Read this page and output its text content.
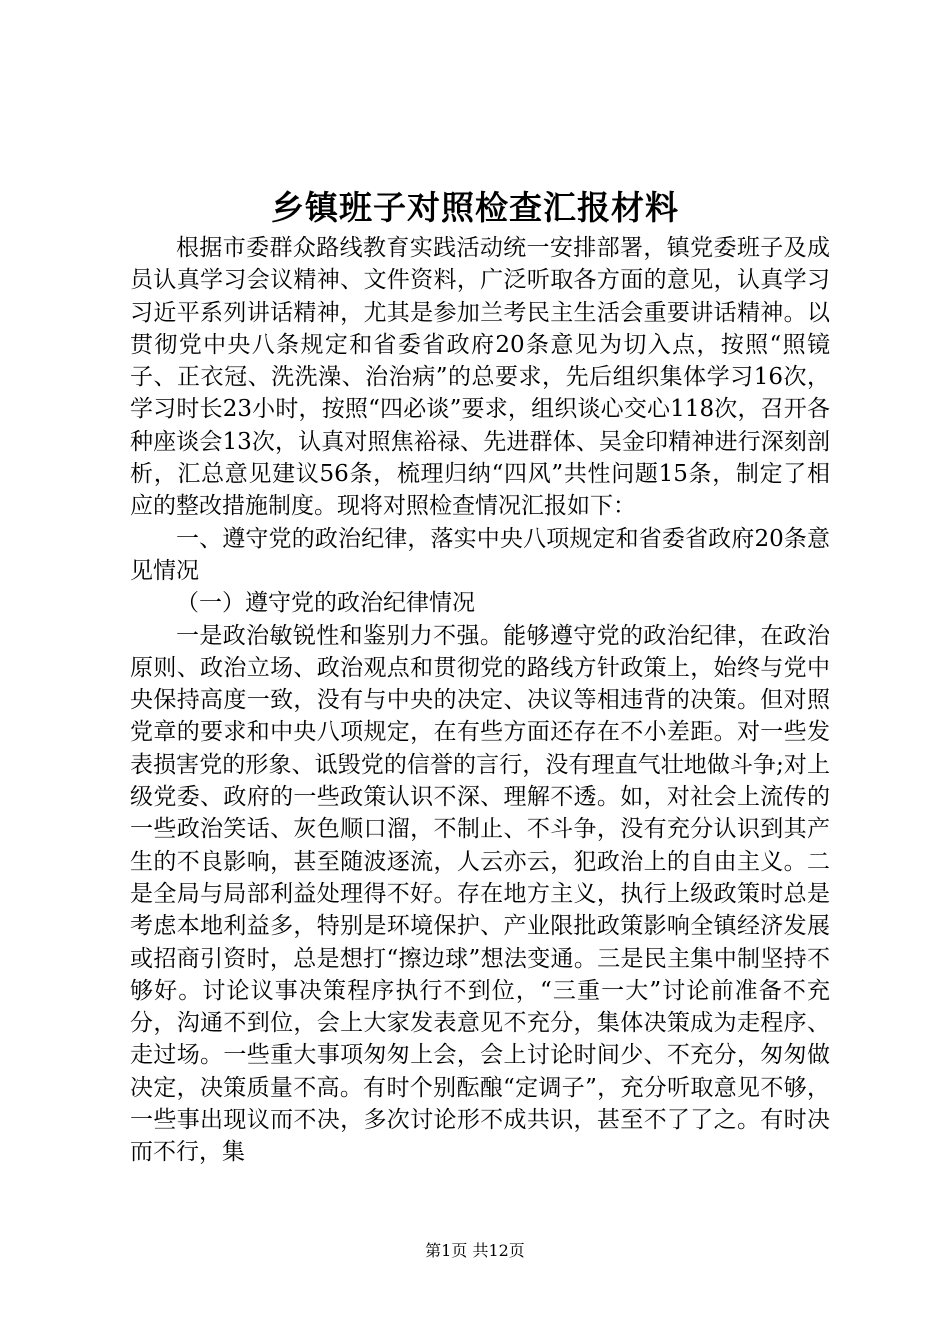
乡镇班子对照检查汇报材料

根据市委群众路线教育实践活动统一安排部署，镇党委班子及成员认真学习会议精神、文件资料，广泛听取各方面的意见，认真学习习近平系列讲话精神，尤其是参加兰考民主生活会重要讲话精神。以贯彻党中央八条规定和省委省政府20条意见为切入点，按照“照镜子、正衣冠、洗洗澡、治治病”的总要求，先后组织集体学习16次，学习时长23小时，按照“四必谈”要求，组织谈心交心118次，召开各种座谈会13次，认真对照焦裕禄、先进群体、吴金印精神进行深刻剖析，汇总意见建议56条，梳理归纳“四风”共性问题15条，制定了相应的整改措施制度。现将对照检查情况汇报如下：

一、遵守党的政治纪律，落实中央八项规定和省委省政府20条意见情况

（一）遵守党的政治纪律情况

一是政治敏锐性和鉴别力不强。能够遵守党的政治纪律，在政治原则、政治立场、政治观点和贯彻党的路线方针政策上，始终与党中央保持高度一致，没有与中央的决定、决议等相违背的决策。但对照党章的要求和中央八项规定，在有些方面还存在不小差距。对一些发表损害党的形象、诋毁党的信誉的言行，没有理直气壮地做斗争;对上级党委、政府的一些政策认识不深、理解不透。如，对社会上流传的一些政治笑话、灰色顺口溜，不制止、不斗争，没有充分认识到其产生的不良影响，甚至随波逐流，人云亦云，犯政治上的自由主义。二是全局与局部利益处理得不好。存在地方主义，执行上级政策时总是考虑本地利益多，特别是环境保护、产业限批政策影响全镇经济发展或招商引资时，总是想打“擦边球”想法变通。三是民主集中制坚持不够好。讨论议事决策程序执行不到位，“三重一大”讨论前准备不充分，沟通不到位，会上大家发表意见不充分，集体决策成为走程序、走过场。一些重大事项匆匆上会，会上讨论时间少、不充分，匆匆做决定，决策质量不高。有时个别酝酿“定调子”，充分听取意见不够，一些事出现议而不决，多次讨论形不成共识，甚至不了了之。有时决而不行，集

第1页 共12页
